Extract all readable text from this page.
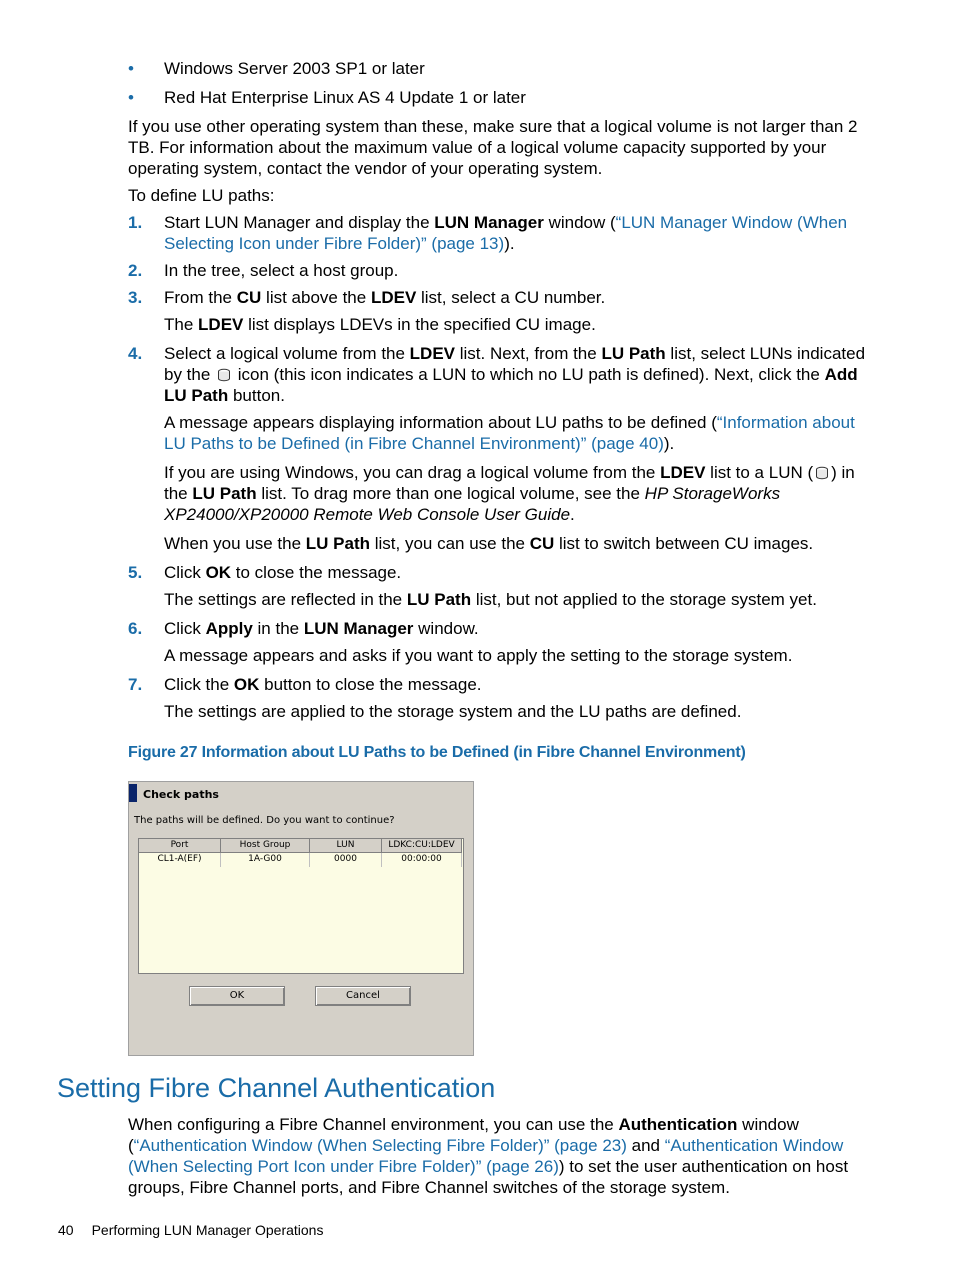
• Windows Server 2003 SP1 or later
• Red Hat Enterprise Linux AS 4 Update 1 or later

If you use other operating system than these, make sure that a logical volume is not larger than 2 TB. For information about the maximum value of a logical volume capacity supported by your operating system, contact the vendor of your operating system.

To define LU paths:

1. Start LUN Manager and display the LUN Manager window (“LUN Manager Window (When Selecting Icon under Fibre Folder)” (page 13)).
2. In the tree, select a host group.
3. From the CU list above the LDEV list, select a CU number.
The LDEV list displays LDEVs in the specified CU image.
4. Select a logical volume from the LDEV list. Next, from the LU Path list, select LUNs indicated by the  icon (this icon indicates a LUN to which no LU path is defined). Next, click the Add LU Path button.
A message appears displaying information about LU paths to be defined (“Information about LU Paths to be Defined (in Fibre Channel Environment)” (page 40)).
If you are using Windows, you can drag a logical volume from the LDEV list to a LUN ( ) in the LU Path list. To drag more than one logical volume, see the HP StorageWorks XP24000/XP20000 Remote Web Console User Guide.
When you use the LU Path list, you can use the CU list to switch between CU images.
5. Click OK to close the message.
The settings are reflected in the LU Path list, but not applied to the storage system yet.
6. Click Apply in the LUN Manager window.
A message appears and asks if you want to apply the setting to the storage system.
7. Click the OK button to close the message.
The settings are applied to the storage system and the LU paths are defined.
Figure 27 Information about LU Paths to be Defined (in Fibre Channel Environment)
Check paths
The paths will be defined. Do you want to continue?
Port	Host Group	LUN	LDKC:CU:LDEV
CL1-A(EF)	1A-G00	0000	00:00:00
OK	Cancel
Setting Fibre Channel Authentication

When configuring a Fibre Channel environment, you can use the Authentication window (“Authentication Window (When Selecting Fibre Folder)” (page 23) and “Authentication Window (When Selecting Port Icon under Fibre Folder)” (page 26)) to set the user authentication on host groups, Fibre Channel ports, and Fibre Channel switches of the storage system.

40 Performing LUN Manager Operations
